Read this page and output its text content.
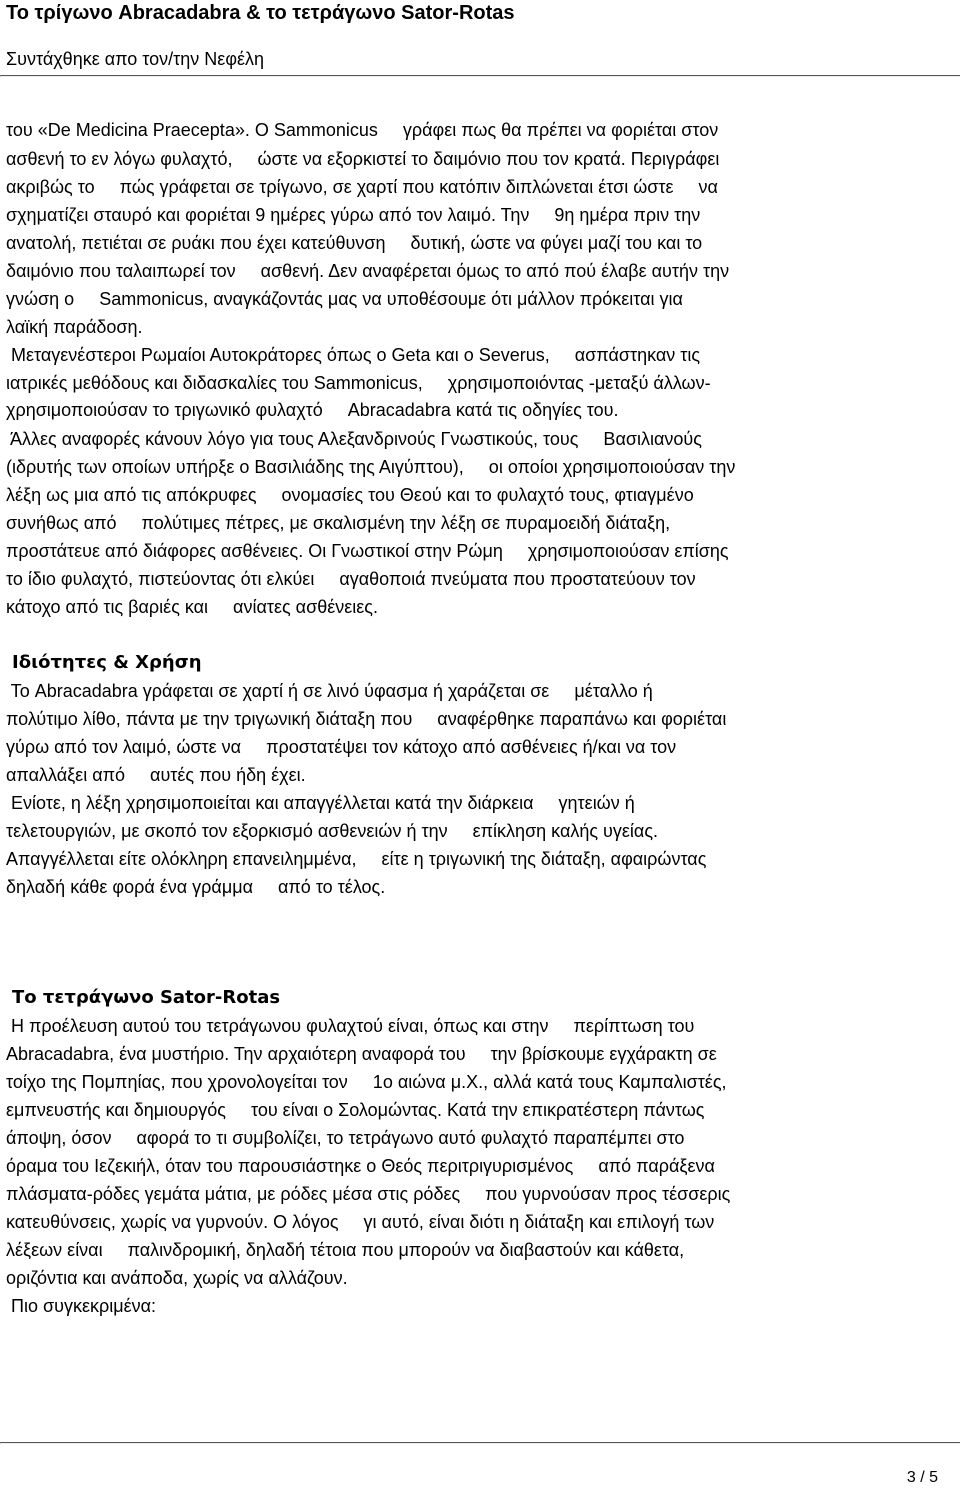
Το τρίγωνο Abracadabra & το τετράγωνο Sator-Rotas

Συντάχθηκε απο τον/την Νεφέλη

του «De Medicina Praecepta». Ο Sammonicus     γράφει πως θα πρέπει να φοριέται στον

ασθενή το εν λόγω φυλαχτό,     ώστε να εξορκιστεί το δαιμόνιο που τον κρατά. Περιγράφει

ακριβώς το     πώς γράφεται σε τρίγωνο, σε χαρτί που κατόπιν διπλώνεται έτσι ώστε     να

σχηματίζει σταυρό και φοριέται 9 ημέρες γύρω από τον λαιμό. Την     9η ημέρα πριν την

ανατολή, πετιέται σε ρυάκι που έχει κατεύθυνση     δυτική, ώστε να φύγει μαζί του και το

δαιμόνιο που ταλαιπωρεί τον     ασθενή. Δεν αναφέρεται όμως το από πού έλαβε αυτήν την

γνώση ο     Sammonicus, αναγκάζοντάς μας να υποθέσουμε ότι μάλλον πρόκειται για

λαϊκή παράδοση.

Μεταγενέστεροι Ρωμαίοι Αυτοκράτορες όπως ο Geta και ο Severus,     ασπάστηκαν τις

ιατρικές μεθόδους και διδασκαλίες του Sammonicus,     χρησιμοποιόντας -μεταξύ άλλων-

χρησιμοποιούσαν το τριγωνικό φυλαχτό     Abracadabra κατά τις οδηγίες του.

Άλλες αναφορές κάνουν λόγο για τους Αλεξανδρινούς Γνωστικούς, τους     Βασιλιανούς

(ιδρυτής των οποίων υπήρξε ο Βασιλιάδης της Αιγύπτου),     οι οποίοι χρησιμοποιούσαν την

λέξη ως μια από τις απόκρυφες     ονομασίες του Θεού και το φυλαχτό τους, φτιαγμένο

συνήθως από     πολύτιμες πέτρες, με σκαλισμένη την λέξη σε πυραμοειδή διάταξη,

προστάτευε από διάφορες ασθένειες. Οι Γνωστικοί στην Ρώμη     χρησιμοποιούσαν επίσης

το ίδιο φυλαχτό, πιστεύοντας ότι ελκύει     αγαθοποιά πνεύματα που προστατεύουν τον

κάτοχο από τις βαριές και     ανίατες ασθένειες.

Ιδιότητες & Χρήση

Το Abracadabra γράφεται σε χαρτί ή σε λινό ύφασμα ή χαράζεται σε     μέταλλο ή

πολύτιμο λίθο, πάντα με την τριγωνική διάταξη που     αναφέρθηκε παραπάνω και φοριέται

γύρω από τον λαιμό, ώστε να     προστατέψει τον κάτοχο από ασθένειες ή/και να τον

απαλλάξει από     αυτές που ήδη έχει.

Ενίοτε, η λέξη χρησιμοποιείται και απαγγέλλεται κατά την διάρκεια     γητειών ή

τελετουργιών, με σκοπό τον εξορκισμό ασθενειών ή την     επίκληση καλής υγείας.

Απαγγέλλεται είτε ολόκληρη επανειλημμένα,     είτε η τριγωνική της διάταξη, αφαιρώντας

δηλαδή κάθε φορά ένα γράμμα     από το τέλος.

Το τετράγωνο Sator-Rotas

Η προέλευση αυτού του τετράγωνου φυλαχτού είναι, όπως και στην     περίπτωση του

Abracadabra, ένα μυστήριο. Την αρχαιότερη αναφορά του     την βρίσκουμε εγχάρακτη σε

τοίχο της Πομπηίας, που χρονολογείται τον     1ο αιώνα μ.Χ., αλλά κατά τους Καμπαλιστές,

εμπνευστής και δημιουργός     του είναι ο Σολομώντας. Κατά την επικρατέστερη πάντως

άποψη, όσον     αφορά το τι συμβολίζει, το τετράγωνο αυτό φυλαχτό παραπέμπει στο

όραμα του Ιεζεκιήλ, όταν του παρουσιάστηκε ο Θεός περιτριγυρισμένος     από παράξενα

πλάσματα-ρόδες γεμάτα μάτια, με ρόδες μέσα στις ρόδες     που γυρνούσαν προς τέσσερις

κατευθύνσεις, χωρίς να γυρνούν. Ο λόγος     γι αυτό, είναι διότι η διάταξη και επιλογή των

λέξεων είναι     παλινδρομική, δηλαδή τέτοια που μπορούν να διαβαστούν και κάθετα,

οριζόντια και ανάποδα, χωρίς να αλλάζουν.

Πιο συγκεκριμένα:

3 / 5
